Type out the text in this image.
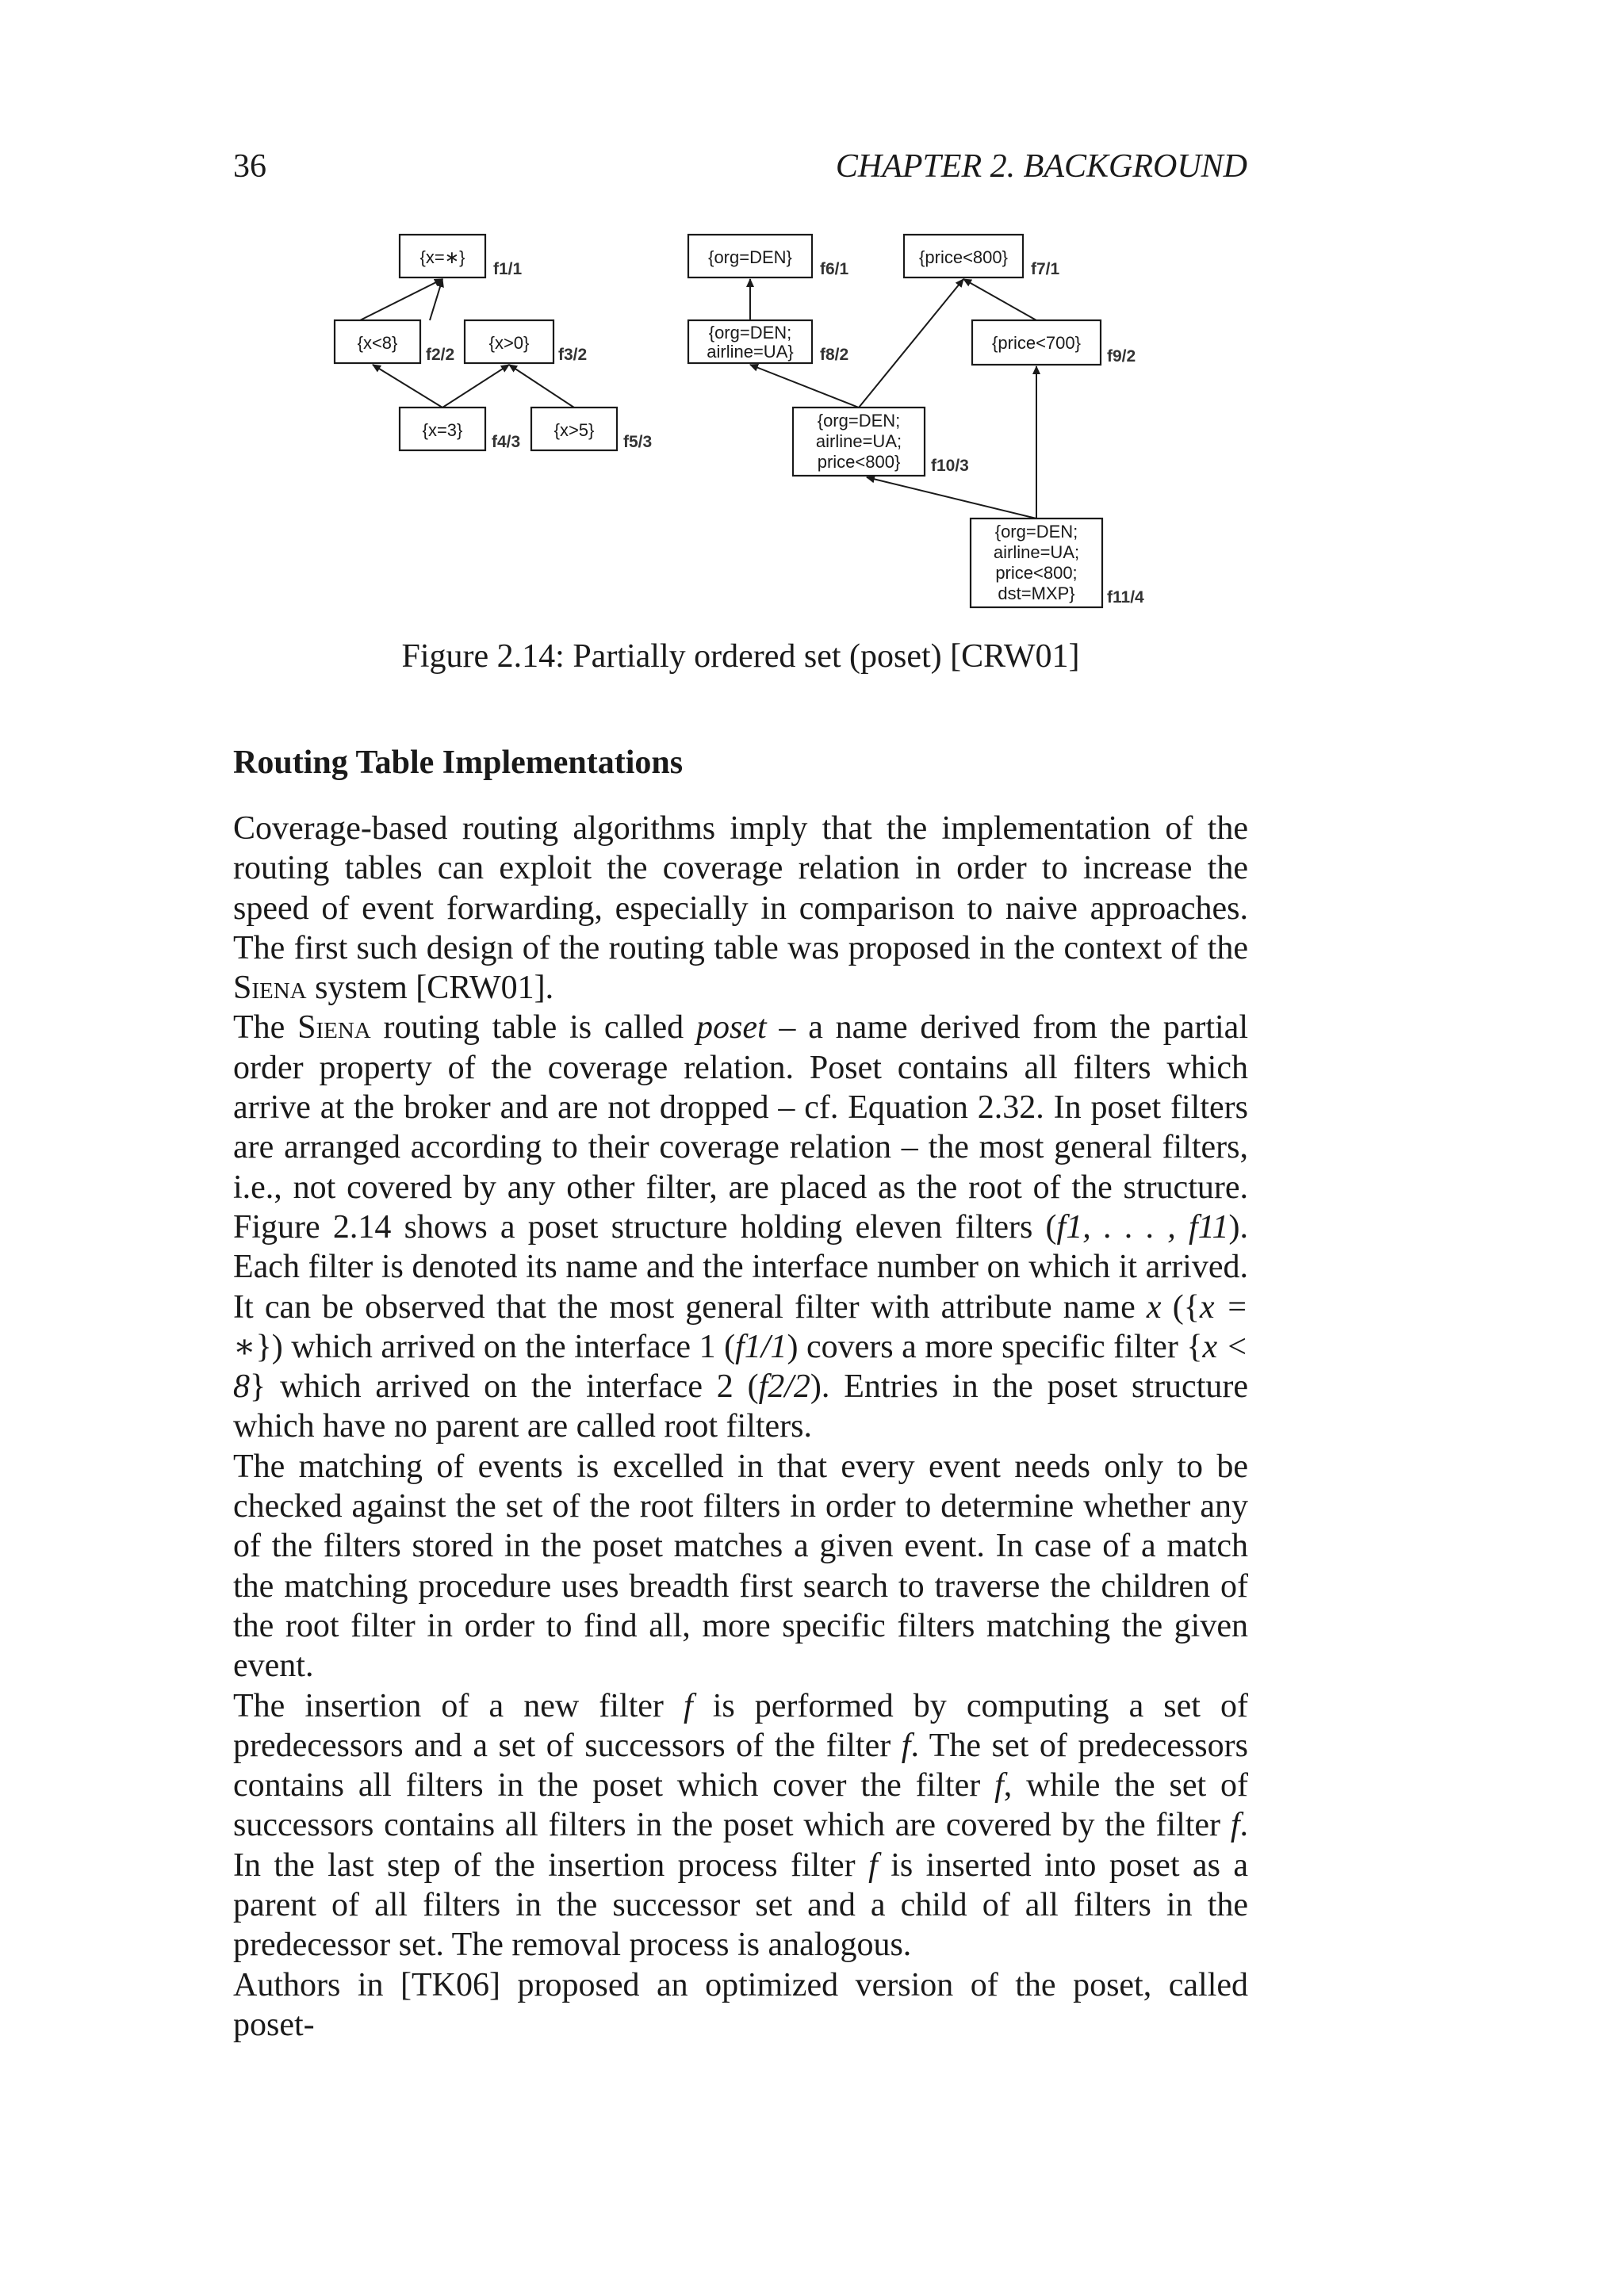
36	CHAPTER 2. BACKGROUND
{x=∗}
f1/1
{x<8}
f2/2
{x>0}
f3/2
{x=3}
f4/3
{x>5}
f5/3
{org=DEN}
f6/1
{price<800}
f7/1
{org=DEN;
airline=UA} f8/2
{price<700}
f9/2
{org=DEN;
airline=UA;
price<800} f10/3
{org=DEN;
airline=UA;
price<800;
dst=MXP} f11/4
Figure 2.14: Partially ordered set (poset) [CRW01]
Routing Table Implementations

Coverage-based routing algorithms imply that the implementation of the routing tables can exploit the coverage relation in order to increase the speed of event forwarding, especially in comparison to naive approaches. The first such design of the routing table was proposed in the context of the Siena system [CRW01].

The Siena routing table is called poset – a name derived from the partial order property of the coverage relation. Poset contains all filters which arrive at the broker and are not dropped – cf. Equation 2.32. In poset filters are arranged according to their coverage relation – the most general filters, i.e., not covered by any other filter, are placed as the root of the structure. Figure 2.14 shows a poset structure holding eleven filters (f1, . . . , f11). Each filter is denoted its name and the interface number on which it arrived. It can be observed that the most general filter with attribute name x ({x = ∗}) which arrived on the interface 1 (f1/1) covers a more specific filter {x < 8} which arrived on the interface 2 (f2/2). Entries in the poset structure which have no parent are called root filters.

The matching of events is excelled in that every event needs only to be checked against the set of the root filters in order to determine whether any of the filters stored in the poset matches a given event. In case of a match the matching procedure uses breadth first search to traverse the children of the root filter in order to find all, more specific filters matching the given event.

The insertion of a new filter f is performed by computing a set of predecessors and a set of successors of the filter f. The set of predecessors contains all filters in the poset which cover the filter f, while the set of successors contains all filters in the poset which are covered by the filter f. In the last step of the insertion process filter f is inserted into poset as a parent of all filters in the successor set and a child of all filters in the predecessor set. The removal process is analogous.

Authors in [TK06] proposed an optimized version of the poset, called poset-
